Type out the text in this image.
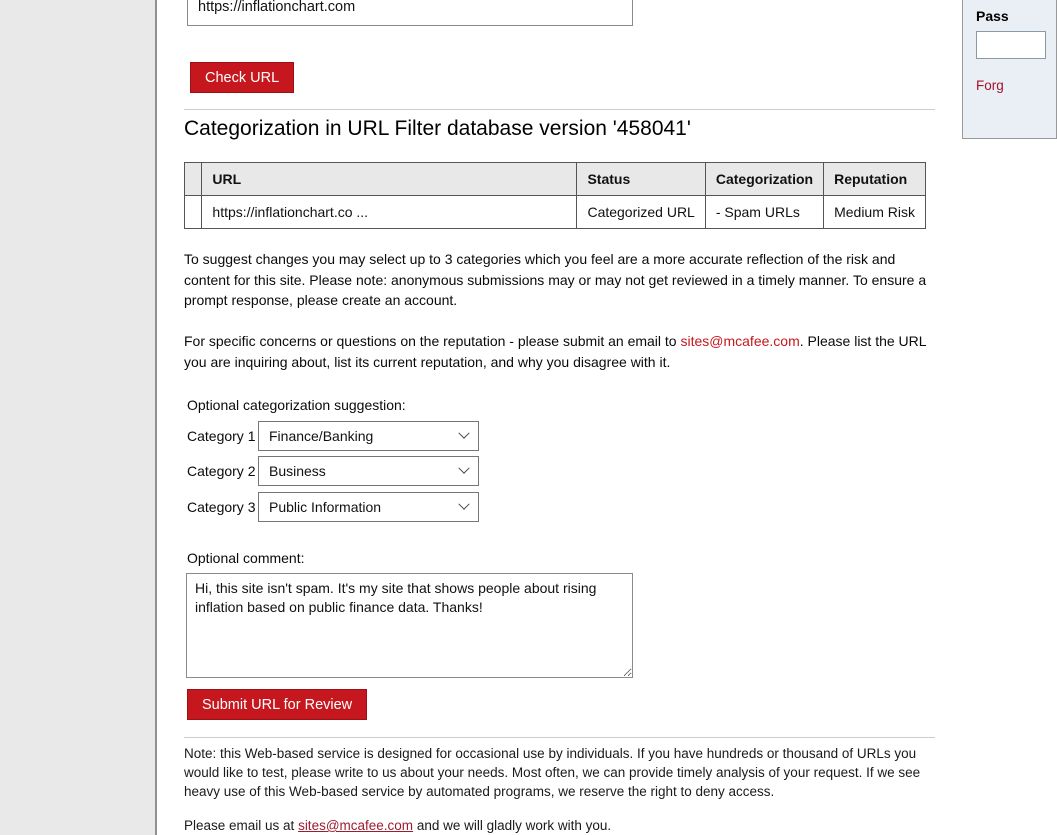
https://inflationchart.com
Check URL
Categorization in URL Filter database version '458041'
	URL	Status	Categorization	Reputation
	https://inflationchart.co ...	Categorized URL	- Spam URLs	Medium Risk

To suggest changes you may select up to 3 categories which you feel are a more accurate reflection of the risk and content for this site. Please note: anonymous submissions may or may not get reviewed in a timely manner. To ensure a prompt response, please create an account.

For specific concerns or questions on the reputation - please submit an email to sites@mcafee.com. Please list the URL you are inquiring about, list its current reputation, and why you disagree with it.

Optional categorization suggestion:
Category 1 Finance/Banking
Category 2 Business
Category 3 Public Information
Optional comment:
Hi, this site isn't spam. It's my site that shows people about rising inflation based on public finance data. Thanks!
Submit URL for Review

Note: this Web-based service is designed for occasional use by individuals. If you have hundreds or thousand of URLs you would like to test, please write to us about your needs. Most often, we can provide timely analysis of your request. If we see heavy use of this Web-based service by automated programs, we reserve the right to deny access.

Please email us at sites@mcafee.com and we will gladly work with you.

Pass
Forg
